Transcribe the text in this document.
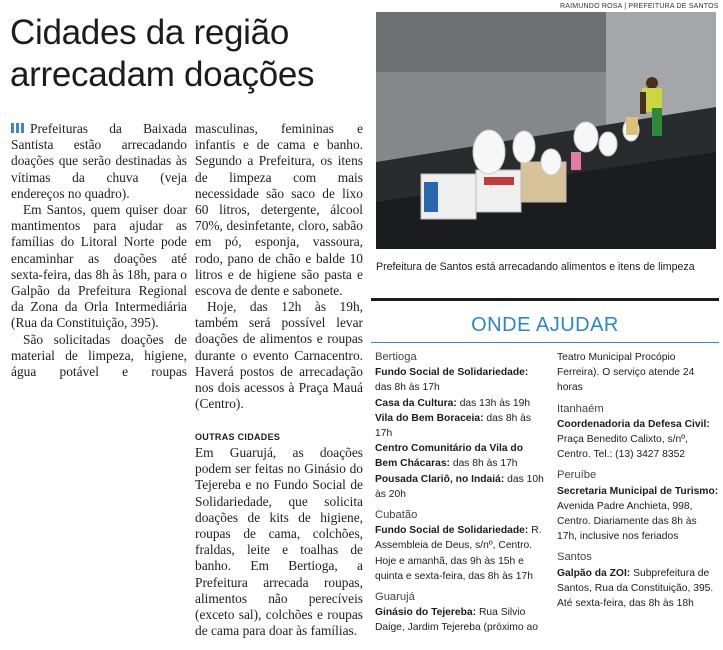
Cidades da região arrecadam doações

Prefeituras da Baixada Santista estão arrecadando doações que serão destinadas às vítimas da chuva (veja endereços no quadro).

Em Santos, quem quiser doar mantimentos para ajudar as famílias do Litoral Norte pode encaminhar as doações até sexta-feira, das 8h às 18h, para o Galpão da Prefeitura Regional da Zona da Orla Intermediária (Rua da Constituição, 395).

São solicitadas doações de material de limpeza, higiene, água potável e roupas

masculinas, femininas e infantis e de cama e banho. Segundo a Prefeitura, os itens de limpeza com mais necessidade são saco de lixo 60 litros, detergente, álcool 70%, desinfetante, cloro, sabão em pó, esponja, vassoura, rodo, pano de chão e balde 10 litros e de higiene são pasta e escova de dente e sabonete.

Hoje, das 12h às 19h, também será possível levar doações de alimentos e roupas durante o evento Carnacentro. Haverá postos de arrecadação nos dois acessos à Praça Mauá (Centro).

OUTRAS CIDADES

Em Guarujá, as doações podem ser feitas no Ginásio do Tejereba e no Fundo Social de Solidariedade, que solicita doações de kits de higiene, roupas de cama, colchões, fraldas, leite e toalhas de banho. Em Bertioga, a Prefeitura arrecada roupas, alimentos não perecíveis (exceto sal), colchões e roupas de cama para doar às famílias.

RAIMUNDO ROSA | PREFEITURA DE SANTOS
Prefeitura de Santos está arrecadando alimentos e itens de limpeza
ONDE AJUDAR
Bertioga
Fundo Social de Solidariedade: das 8h às 17h
Casa da Cultura: das 13h às 19h
Vila do Bem Boraceia: das 8h às 17h
Centro Comunitário da Vila do Bem Chácaras: das 8h às 17h
Pousada Clariô, no Indaiá: das 10h às 20h
Cubatão
Fundo Social de Solidariedade: R. Assembleia de Deus, s/nº, Centro. Hoje e amanhã, das 9h às 15h e quinta e sexta-feira, das 8h às 17h
Guarujá
Ginásio do Tejereba: Rua Silvio Daige, Jardim Tejereba (próximo ao
Teatro Municipal Procópio Ferreira). O serviço atende 24 horas
Itanhaém
Coordenadoria da Defesa Civil: Praça Benedito Calixto, s/nº, Centro. Tel.: (13) 3427 8352
Peruíbe
Secretaria Municipal de Turismo: Avenida Padre Anchieta, 998, Centro. Diariamente das 8h às 17h, inclusive nos feriados
Santos
Galpão da ZOI: Subprefeitura de Santos, Rua da Constituição, 395. Até sexta-feira, das 8h às 18h
